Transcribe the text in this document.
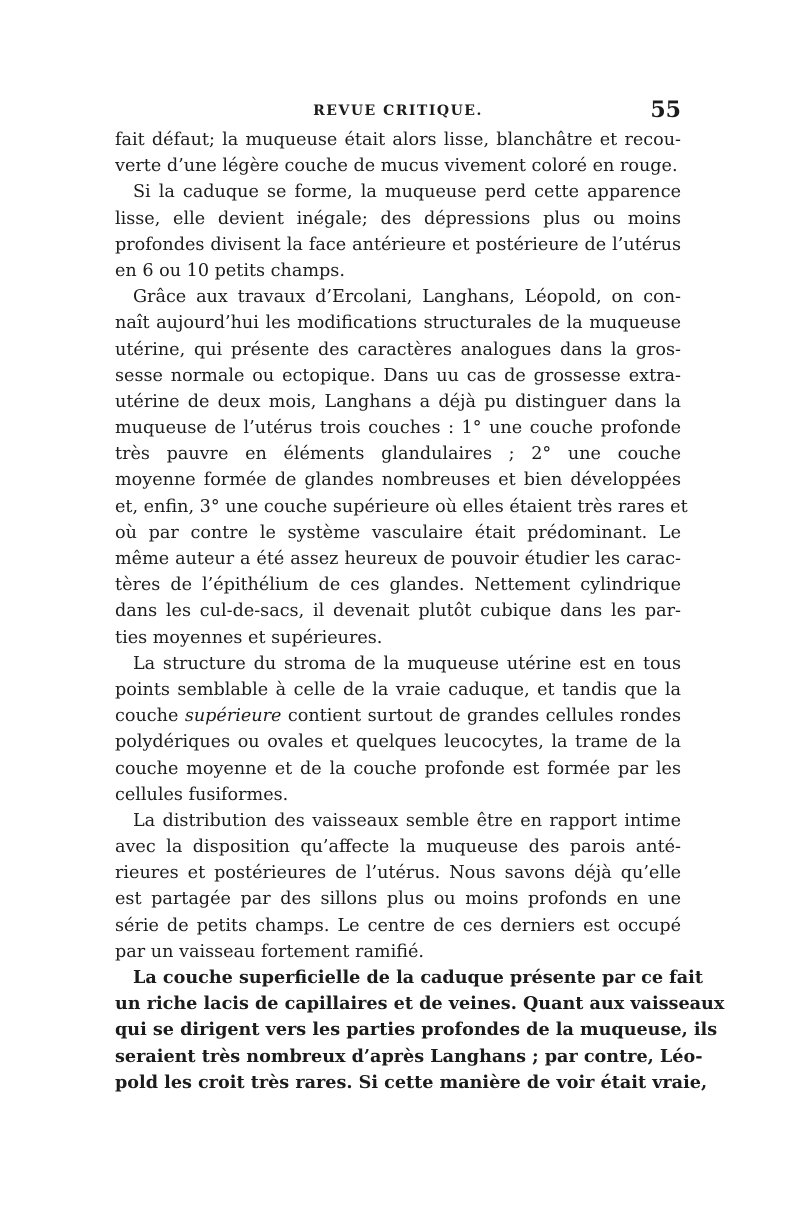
REVUE CRITIQUE.	55
fait défaut; la muqueuse était alors lisse, blanchâtre et recou-
verte d’une légère couche de mucus vivement coloré en rouge.
Si la caduque se forme, la muqueuse perd cette apparence
lisse, elle devient inégale; des dépressions plus ou moins
profondes divisent la face antérieure et postérieure de l’utérus
en 6 ou 10 petits champs.
Grâce aux travaux d’Ercolani, Langhans, Léopold, on con-
naît aujourd’hui les modifications structurales de la muqueuse
utérine, qui présente des caractères analogues dans la gros-
sesse normale ou ectopique. Dans uu cas de grossesse extra-
utérine de deux mois, Langhans a déjà pu distinguer dans la
muqueuse de l’utérus trois couches : 1° une couche profonde
très pauvre en éléments glandulaires ; 2° une couche
moyenne formée de glandes nombreuses et bien développées
et, enfin, 3° une couche supérieure où elles étaient très rares et
où par contre le système vasculaire était prédominant. Le
même auteur a été assez heureux de pouvoir étudier les carac-
tères de l’épithélium de ces glandes. Nettement cylindrique
dans les cul-de-sacs, il devenait plutôt cubique dans les par-
ties moyennes et supérieures.
La structure du stroma de la muqueuse utérine est en tous
points semblable à celle de la vraie caduque, et tandis que la
couche supérieure contient surtout de grandes cellules rondes
polydériques ou ovales et quelques leucocytes, la trame de la
couche moyenne et de la couche profonde est formée par les
cellules fusiformes.
La distribution des vaisseaux semble être en rapport intime
avec la disposition qu’affecte la muqueuse des parois anté-
rieures et postérieures de l’utérus. Nous savons déjà qu’elle
est partagée par des sillons plus ou moins profonds en une
série de petits champs. Le centre de ces derniers est occupé
par un vaisseau fortement ramifié.
La couche superficielle de la caduque présente par ce fait
un riche lacis de capillaires et de veines. Quant aux vaisseaux
qui se dirigent vers les parties profondes de la muqueuse, ils
seraient très nombreux d’après Langhans ; par contre, Léo-
pold les croit très rares. Si cette manière de voir était vraie,
